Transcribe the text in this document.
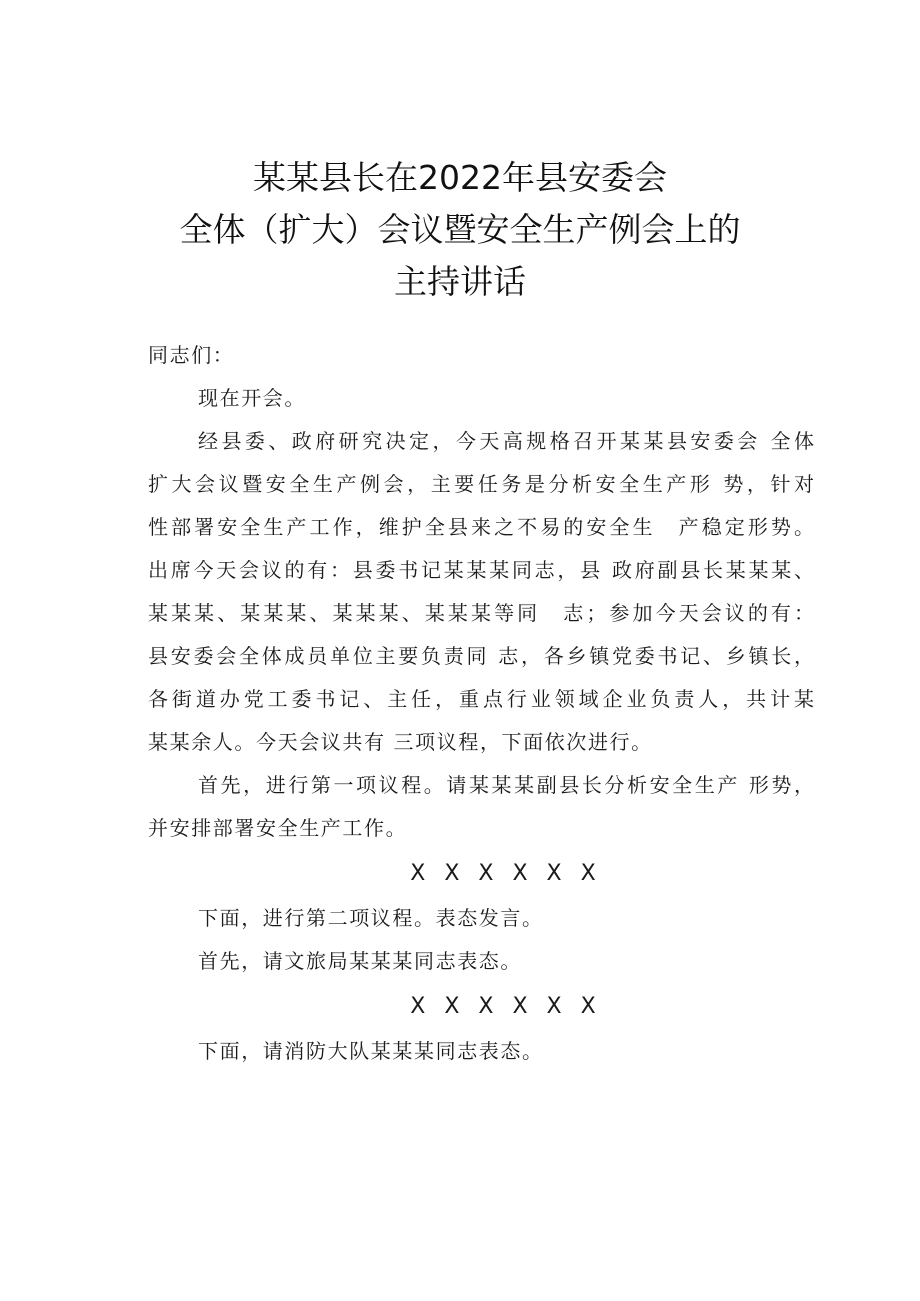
某某县长在2022年县安委会
全体（扩大）会议暨安全生产例会上的
主持讲话
同志们：
现在开会。
经县委、政府研究决定，今天高规格召开某某县安委会 全体
扩大会议暨安全生产例会，主要任务是分析安全生产形 势，针对
性部署安全生产工作，维护全县来之不易的安全生　产稳定形势。
出席今天会议的有：县委书记某某某同志，县 政府副县长某某某、
某某某、某某某、某某某、某某某等同　志；参加今天会议的有：
县安委会全体成员单位主要负责同 志，各乡镇党委书记、乡镇长，
各街道办党工委书记、主任，重点行业领域企业负责人，共计某
某某余人。今天会议共有 三项议程，下面依次进行。
首先，进行第一项议程。请某某某副县长分析安全生产 形势，
并安排部署安全生产工作。
X X X X X X
下面，进行第二项议程。表态发言。
首先，请文旅局某某某同志表态。
X X X X X X
下面，请消防大队某某某同志表态。
